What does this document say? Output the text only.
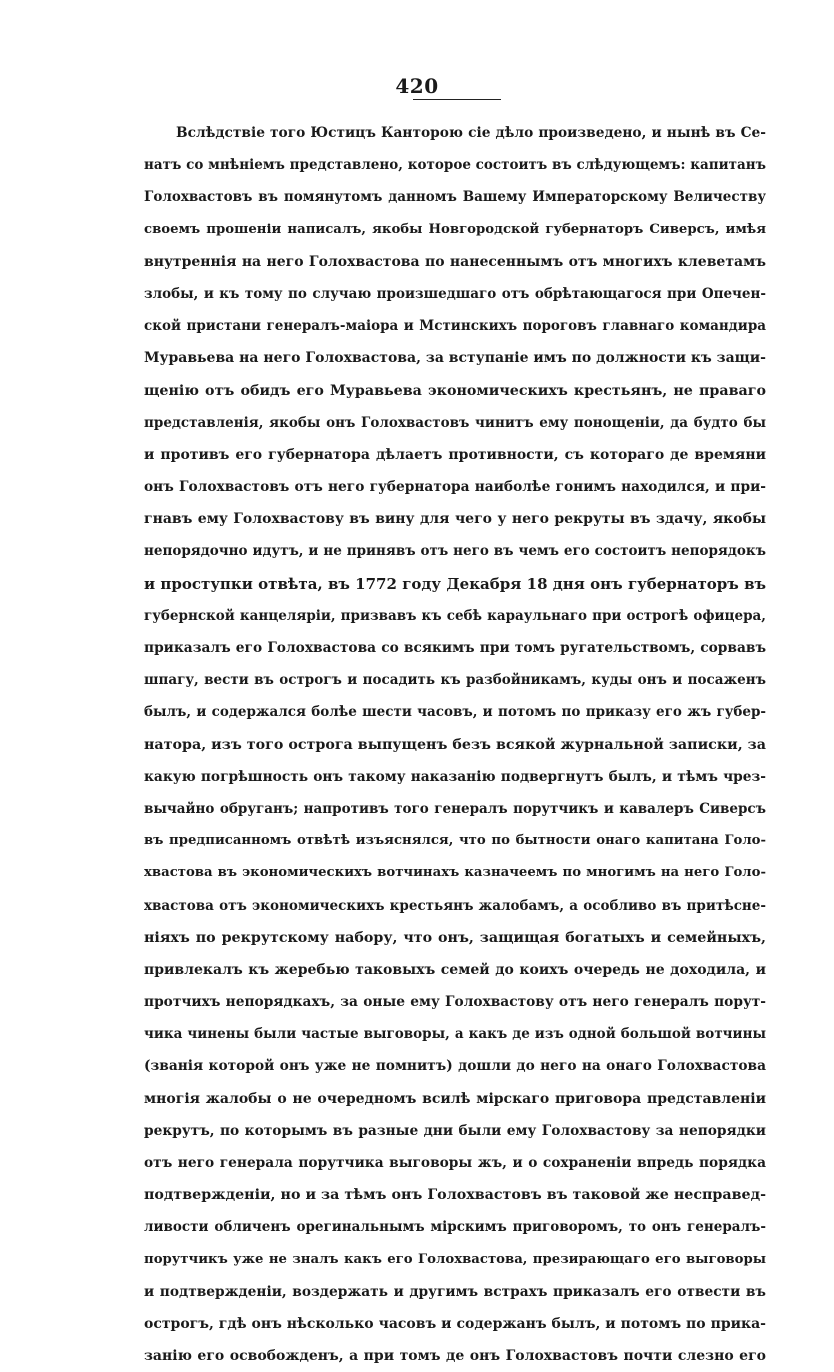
420
Вслѣдствіе того Юстицъ Канторою сіе дѣло произведено, и нынѣ въ Се-
натъ со мнѣніемъ представлено, которое состоитъ въ слѣдующемъ: капитанъ
Голохвастовъ въ помянутомъ данномъ Вашему Императорскому Величеству
своемъ прошеніи написалъ, якобы Новгородской губернаторъ Сиверсъ, имѣя
внутреннія на него Голохвастова по нанесеннымъ отъ многихъ клеветамъ
злобы, и къ тому по случаю произшедшаго отъ обрѣтающагося при Опечен-
ской пристани генералъ-маіора и Мстинскихъ пороговъ главнаго командира
Муравьева на него Голохвастова, за вступаніе имъ по должности къ защи-
щенію отъ обидъ его Муравьева экономическихъ крестьянъ, не праваго
представленія, якобы онъ Голохвастовъ чинитъ ему понощеніи, да будто бы
и противъ его губернатора дѣлаетъ противности, съ котораго де времяни
онъ Голохвастовъ отъ него губернатора наиболѣе гонимъ находился, и при-
гнавъ ему Голохвастову въ вину для чего у него рекруты въ здачу, якобы
непорядочно идутъ, и не принявъ отъ него въ чемъ его состоитъ непорядокъ
и проступки отвѣта, въ 1772 году Декабря 18 дня онъ губернаторъ въ
губернской канцеляріи, призвавъ къ себѣ караульнаго при острогѣ офицера,
приказалъ его Голохвастова со всякимъ при томъ ругательствомъ, сорвавъ
шпагу, вести въ острогъ и посадить къ разбойникамъ, куды онъ и посаженъ
былъ, и содержался болѣе шести часовъ, и потомъ по приказу его жъ губер-
натора, изъ того острога выпущенъ безъ всякой журнальной записки, за
какую погрѣшность онъ такому наказанію подвергнутъ былъ, и тѣмъ чрез-
вычайно обруганъ; напротивъ того генералъ порутчикъ и кавалеръ Сиверсъ
въ предписанномъ отвѣтѣ изъяснялся, что по бытности онаго капитана Голо-
хвастова въ экономическихъ вотчинахъ казначеемъ по многимъ на него Голо-
хвастова отъ экономическихъ крестьянъ жалобамъ, а особливо въ притѣсне-
ніяхъ по рекрутскому набору, что онъ, защищая богатыхъ и семейныхъ,
привлекалъ къ жеребью таковыхъ семей до коихъ очередь не доходила, и
протчихъ непорядкахъ, за оные ему Голохвастову отъ него генералъ порут-
чика чинены были частые выговоры, а какъ де изъ одной большой вотчины
(званія которой онъ уже не помнитъ) дошли до него на онаго Голохвастова
многія жалобы о не очередномъ всилѣ мірскаго приговора представленіи
рекрутъ, по которымъ въ разные дни были ему Голохвастову за непорядки
отъ него генерала порутчика выговоры жъ, и о сохраненіи впредь порядка
подтвержденіи, но и за тѣмъ онъ Голохвастовъ въ таковой же несправед-
ливости обличенъ орегинальнымъ мірскимъ приговоромъ, то онъ генералъ-
порутчикъ уже не зналъ какъ его Голохвастова, презирающаго его выговоры
и подтвержденіи, воздержать и другимъ встрахъ приказалъ его отвести въ
острогъ, гдѣ онъ нѣсколько часовъ и содержанъ былъ, и потомъ по прика-
занію его освобожденъ, а при томъ де онъ Голохвастовъ почти слезно его
